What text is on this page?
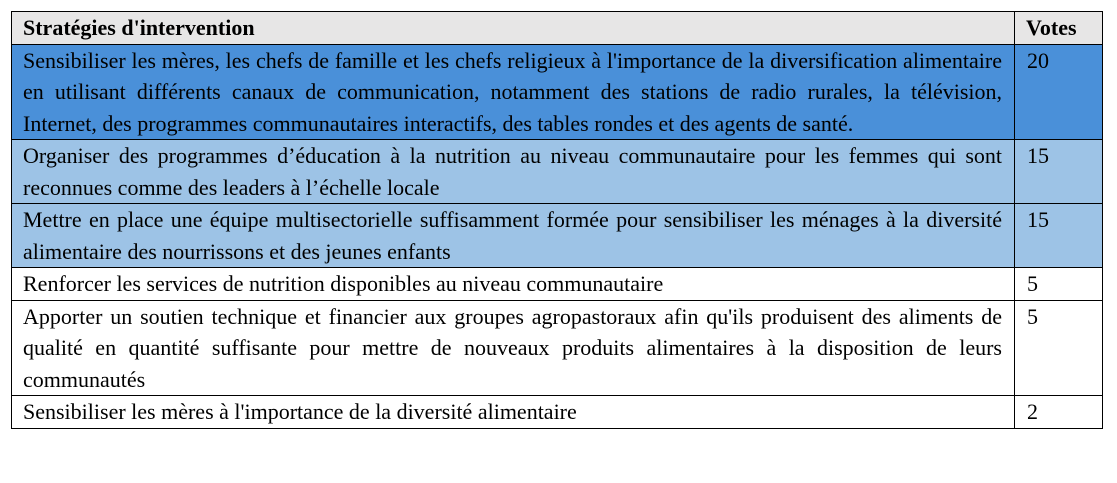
Stratégies d'intervention	Votes
Sensibiliser les mères, les chefs de famille et les chefs religieux à l'importance de la diversification alimentaire en utilisant différents canaux de communication, notamment des stations de radio rurales, la télévision, Internet, des programmes communautaires interactifs, des tables rondes et des agents de santé.	20
Organiser des programmes d’éducation à la nutrition au niveau communautaire pour les femmes qui sont reconnues comme des leaders à l’échelle locale	15
Mettre en place une équipe multisectorielle suffisamment formée pour sensibiliser les ménages à la diversité alimentaire des nourrissons et des jeunes enfants	15
Renforcer les services de nutrition disponibles au niveau communautaire	5
Apporter un soutien technique et financier aux groupes agropastoraux afin qu'ils produisent des aliments de qualité en quantité suffisante pour mettre de nouveaux produits alimentaires à la disposition de leurs communautés	5
Sensibiliser les mères à l'importance de la diversité alimentaire	2
